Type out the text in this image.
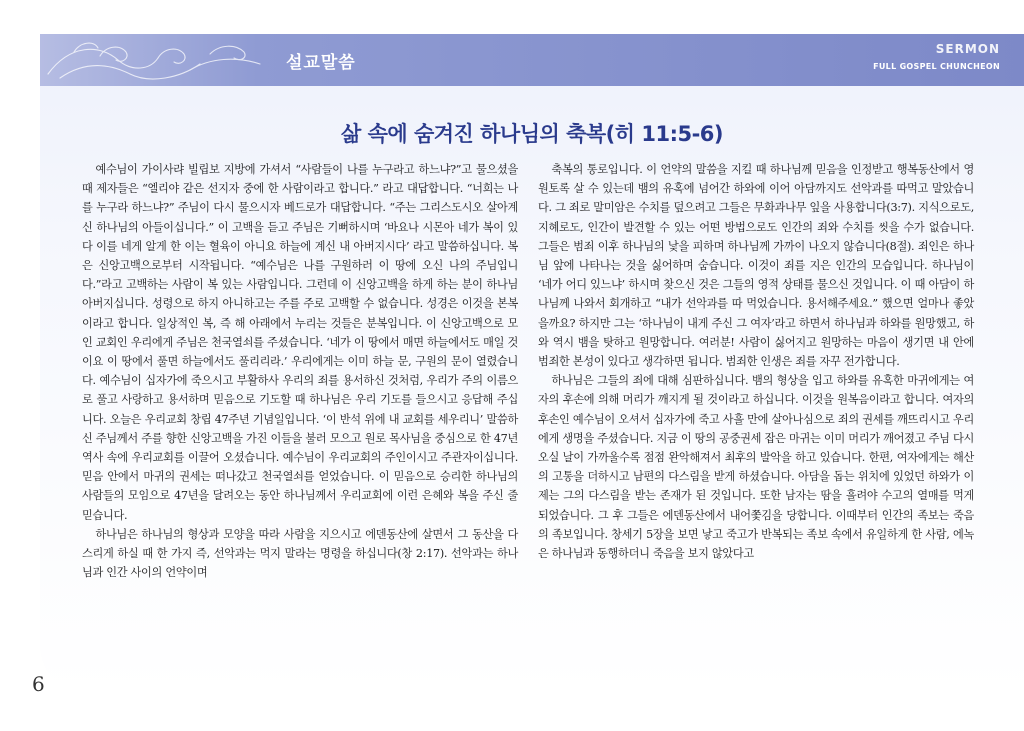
설교말씀
SERMON
FULL GOSPEL CHUNCHEON
삶 속에 숨겨진 하나님의 축복(히 11:5-6)

예수님이 가이사랴 빌립보 지방에 가셔서 “사람들이 나를 누구라고 하느냐?”고 물으셨을 때 제자들은 “엘리야 같은 선지자 중에 한 사람이라고 합니다.” 라고 대답합니다. “너희는 나를 누구라 하느냐?” 주님이 다시 물으시자 베드로가 대답합니다. “주는 그리스도시오 살아계신 하나님의 아들이십니다.” 이 고백을 듣고 주님은 기뻐하시며 ‘바요나 시몬아 네가 복이 있다 이를 네게 알게 한 이는 혈육이 아니요 하늘에 계신 내 아버지시다’ 라고 말씀하십니다. 복은 신앙고백으로부터 시작됩니다. “예수님은 나를 구원하러 이 땅에 오신 나의 주님입니다.”라고 고백하는 사람이 복 있는 사람입니다. 그런데 이 신앙고백을 하게 하는 분이 하나님 아버지십니다. 성령으로 하지 아니하고는 주를 주로 고백할 수 없습니다. 성경은 이것을 본복이라고 합니다. 일상적인 복, 즉 해 아래에서 누리는 것들은 분복입니다. 이 신앙고백으로 모인 교회인 우리에게 주님은 천국열쇠를 주셨습니다. ‘네가 이 땅에서 매면 하늘에서도 매일 것이요 이 땅에서 풀면 하늘에서도 풀리리라.’ 우리에게는 이미 하늘 문, 구원의 문이 열렸습니다. 예수님이 십자가에 죽으시고 부활하사 우리의 죄를 용서하신 것처럼, 우리가 주의 이름으로 풀고 사랑하고 용서하며 믿음으로 기도할 때 하나님은 우리 기도를 들으시고 응답해 주십니다. 오늘은 우리교회 창립 47주년 기념일입니다. ‘이 반석 위에 내 교회를 세우리니’ 말씀하신 주님께서 주를 향한 신앙고백을 가진 이들을 불러 모으고 원로 목사님을 중심으로 한 47년 역사 속에 우리교회를 이끌어 오셨습니다. 예수님이 우리교회의 주인이시고 주관자이십니다. 믿음 안에서 마귀의 권세는 떠나갔고 천국열쇠를 얻었습니다. 이 믿음으로 승리한 하나님의 사람들의 모임으로 47년을 달려오는 동안 하나님께서 우리교회에 이런 은혜와 복을 주신 줄 믿습니다.

하나님은 하나님의 형상과 모양을 따라 사람을 지으시고 에덴동산에 살면서 그 동산을 다스리게 하실 때 한 가지 즉, 선악과는 먹지 말라는 명령을 하십니다(창 2:17). 선악과는 하나님과 인간 사이의 언약이며

축복의 통로입니다. 이 언약의 말씀을 지킬 때 하나님께 믿음을 인정받고 행복동산에서 영원토록 살 수 있는데 뱀의 유혹에 넘어간 하와에 이어 아담까지도 선악과를 따먹고 말았습니다. 그 죄로 말미암은 수치를 덮으려고 그들은 무화과나무 잎을 사용합니다(3:7). 지식으로도, 지혜로도, 인간이 발견할 수 있는 어떤 방법으로도 인간의 죄와 수치를 씻을 수가 없습니다. 그들은 범죄 이후 하나님의 낯을 피하며 하나님께 가까이 나오지 않습니다(8절). 죄인은 하나님 앞에 나타나는 것을 싫어하며 숨습니다. 이것이 죄를 지은 인간의 모습입니다. 하나님이 ‘네가 어디 있느냐’ 하시며 찾으신 것은 그들의 영적 상태를 물으신 것입니다. 이 때 아담이 하나님께 나와서 회개하고 “내가 선악과를 따 먹었습니다. 용서해주세요.” 했으면 얼마나 좋았을까요? 하지만 그는 ‘하나님이 내게 주신 그 여자’라고 하면서 하나님과 하와를 원망했고, 하와 역시 뱀을 탓하고 원망합니다. 여러분! 사람이 싫어지고 원망하는 마음이 생기면 내 안에 범죄한 본성이 있다고 생각하면 됩니다. 범죄한 인생은 죄를 자꾸 전가합니다.

하나님은 그들의 죄에 대해 심판하십니다. 뱀의 형상을 입고 하와를 유혹한 마귀에게는 여자의 후손에 의해 머리가 깨지게 될 것이라고 하십니다. 이것을 원복음이라고 합니다. 여자의 후손인 예수님이 오셔서 십자가에 죽고 사흘 만에 살아나심으로 죄의 권세를 깨뜨리시고 우리에게 생명을 주셨습니다. 지금 이 땅의 공중권세 잡은 마귀는 이미 머리가 깨어졌고 주님 다시 오실 날이 가까울수록 점점 완악해져서 최후의 발악을 하고 있습니다. 한편, 여자에게는 해산의 고통을 더하시고 남편의 다스림을 받게 하셨습니다. 아담을 돕는 위치에 있었던 하와가 이제는 그의 다스림을 받는 존재가 된 것입니다. 또한 남자는 땀을 흘려야 수고의 열매를 먹게 되었습니다. 그 후 그들은 에덴동산에서 내어쫓김을 당합니다. 이때부터 인간의 족보는 죽음의 족보입니다. 창세기 5장을 보면 낳고 죽고가 반복되는 족보 속에서 유일하게 한 사람, 에녹은 하나님과 동행하더니 죽음을 보지 않았다고

6
